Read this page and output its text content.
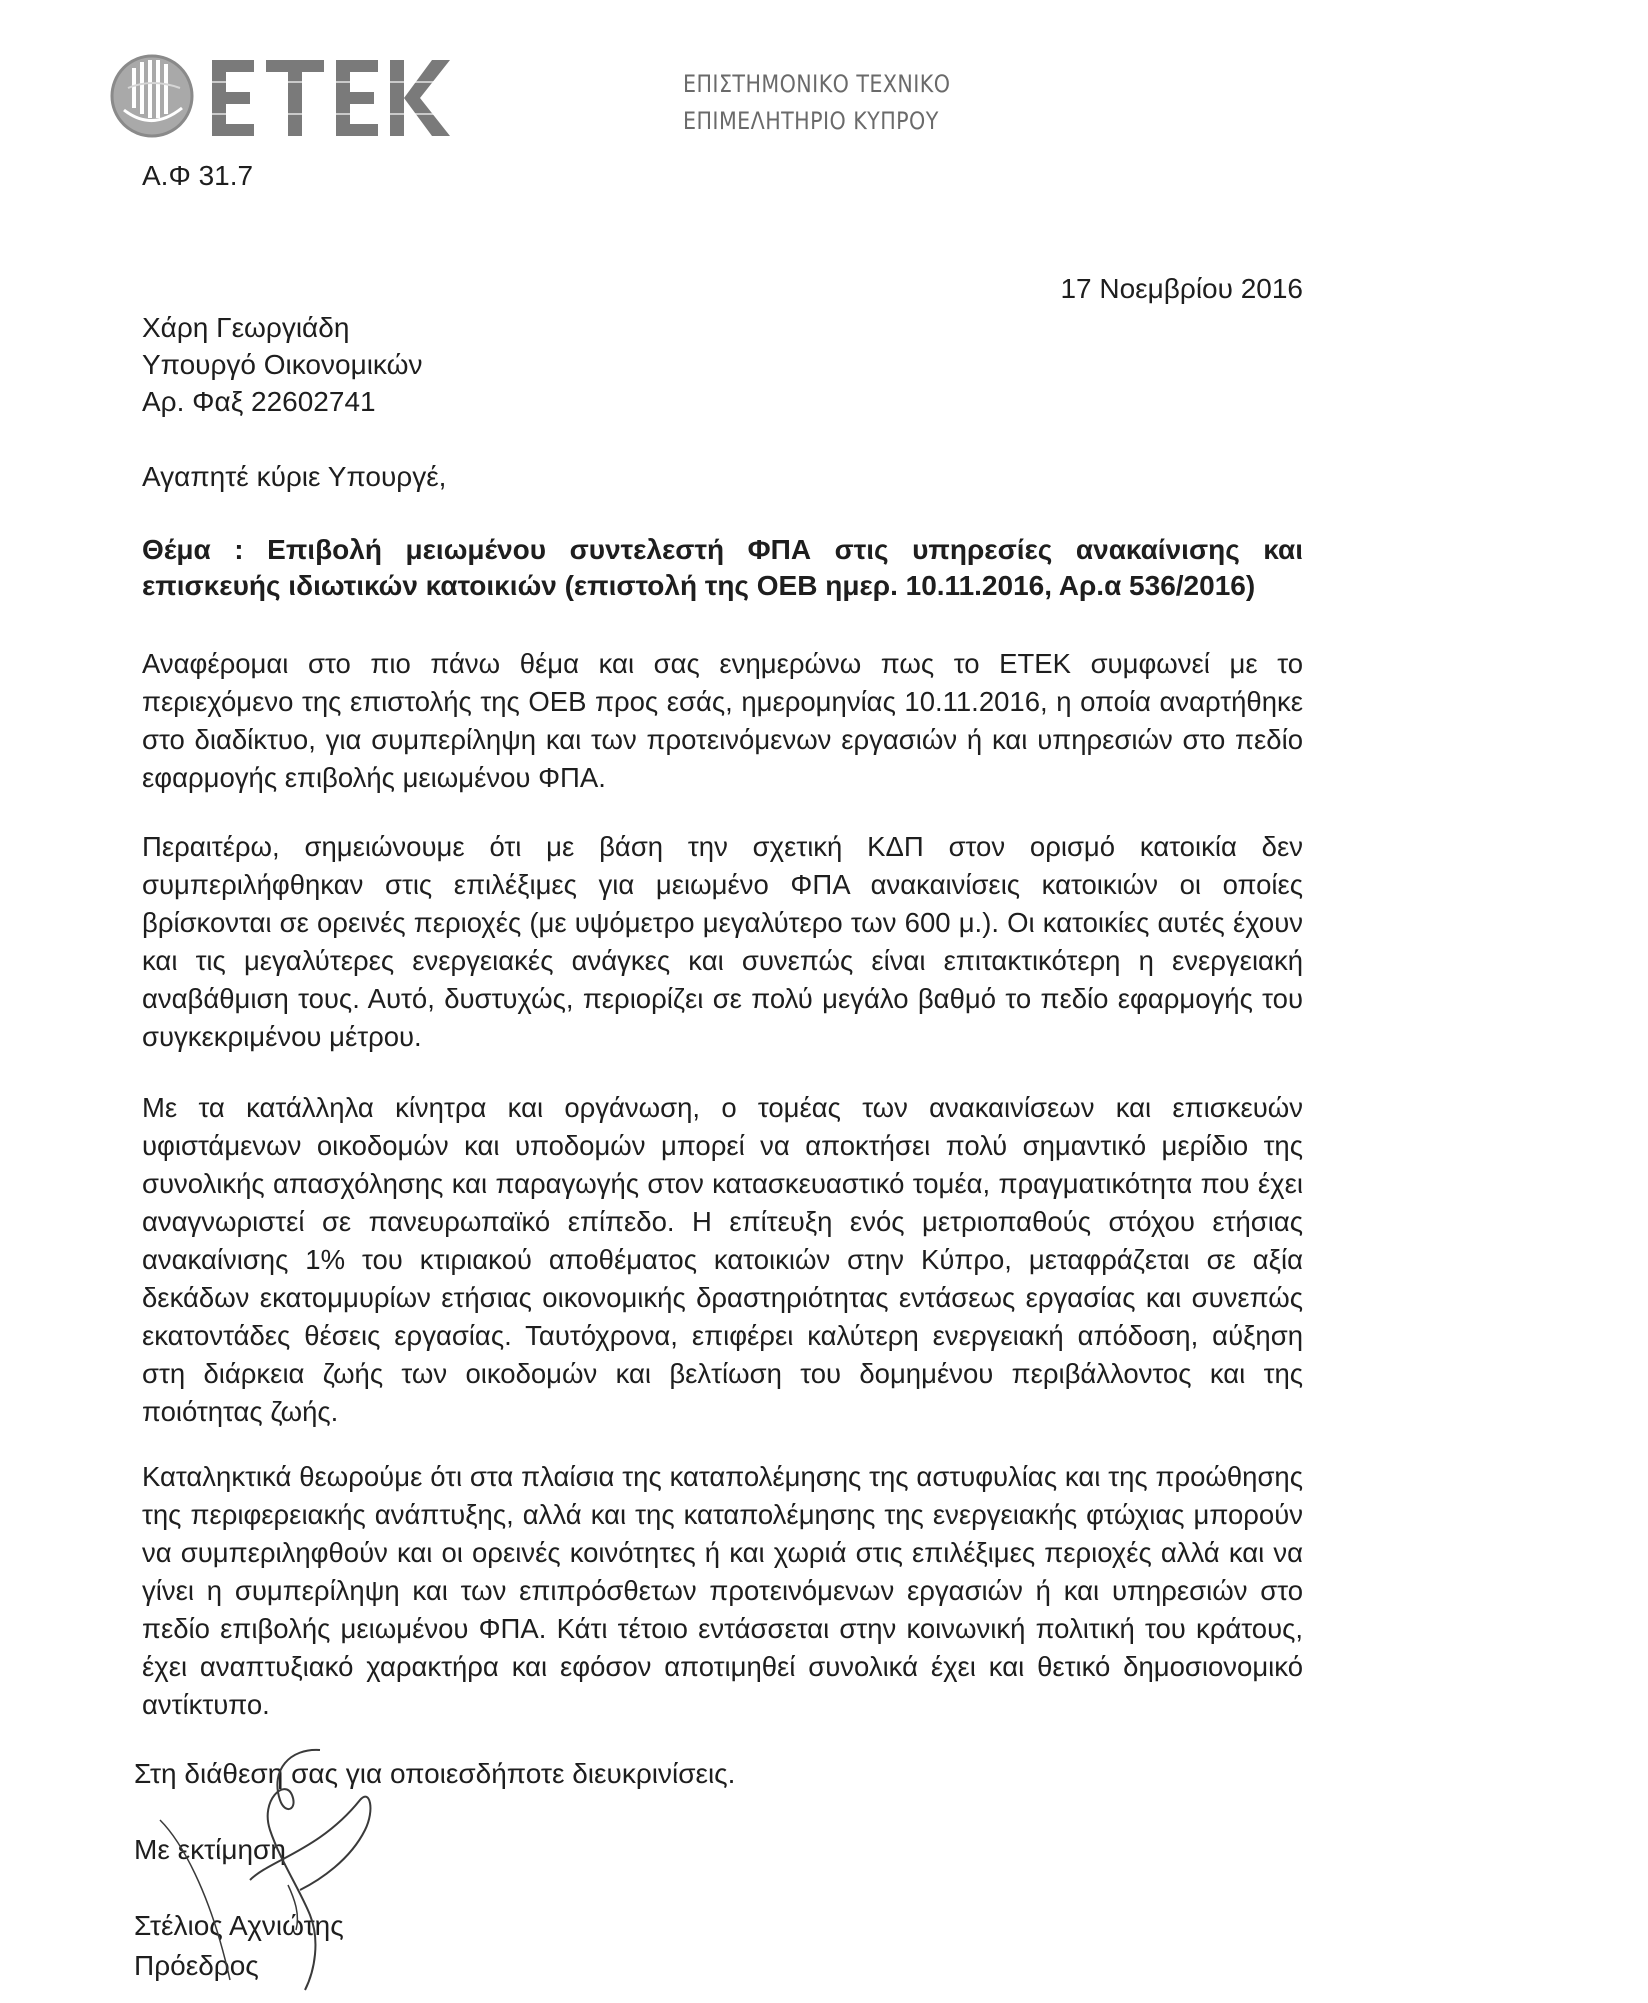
ΕΠΙΣΤΗΜΟΝΙΚΟ ΤΕΧΝΙΚΟ
ΕΠΙΜΕΛΗΤΗΡΙΟ ΚΥΠΡΟΥ
Α.Φ 31.7
17 Νοεμβρίου 2016
Χάρη Γεωργιάδη
Υπουργό Οικονομικών
Αρ. Φαξ 22602741
Αγαπητέ κύριε Υπουργέ,

Θέμα : Επιβολή μειωμένου συντελεστή ΦΠΑ στις υπηρεσίες ανακαίνισης και επισκευής ιδιωτικών κατοικιών (επιστολή της ΟΕΒ ημερ. 10.11.2016, Αρ.α 536/2016)

Αναφέρομαι στο πιο πάνω θέμα και σας ενημερώνω πως το ΕΤΕΚ συμφωνεί με το περιεχόμενο της επιστολής της ΟΕΒ προς εσάς, ημερομηνίας 10.11.2016, η οποία αναρτήθηκε στο διαδίκτυο, για συμπερίληψη και των προτεινόμενων εργασιών ή και υπηρεσιών στο πεδίο εφαρμογής επιβολής μειωμένου ΦΠΑ.

Περαιτέρω, σημειώνουμε ότι με βάση την σχετική ΚΔΠ στον ορισμό κατοικία δεν συμπεριλήφθηκαν στις επιλέξιμες για μειωμένο ΦΠΑ ανακαινίσεις κατοικιών οι οποίες βρίσκονται σε ορεινές περιοχές (με υψόμετρο μεγαλύτερο των 600 μ.). Οι κατοικίες αυτές έχουν και τις μεγαλύτερες ενεργειακές ανάγκες και συνεπώς είναι επιτακτικότερη η ενεργειακή αναβάθμιση τους. Αυτό, δυστυχώς, περιορίζει σε πολύ μεγάλο βαθμό το πεδίο εφαρμογής του συγκεκριμένου μέτρου.

Με τα κατάλληλα κίνητρα και οργάνωση, ο τομέας των ανακαινίσεων και επισκευών υφιστάμενων οικοδομών και υποδομών μπορεί να αποκτήσει πολύ σημαντικό μερίδιο της συνολικής απασχόλησης και παραγωγής στον κατασκευαστικό τομέα, πραγματικότητα που έχει αναγνωριστεί σε πανευρωπαϊκό επίπεδο. Η επίτευξη ενός μετριοπαθούς στόχου ετήσιας ανακαίνισης 1% του κτιριακού αποθέματος κατοικιών στην Κύπρο, μεταφράζεται σε αξία δεκάδων εκατομμυρίων ετήσιας οικονομικής δραστηριότητας εντάσεως εργασίας και συνεπώς εκατοντάδες θέσεις εργασίας. Ταυτόχρονα, επιφέρει καλύτερη ενεργειακή απόδοση, αύξηση στη διάρκεια ζωής των οικοδομών και βελτίωση του δομημένου περιβάλλοντος και της ποιότητας ζωής.

Καταληκτικά θεωρούμε ότι στα πλαίσια της καταπολέμησης της αστυφυλίας και της προώθησης της περιφερειακής ανάπτυξης, αλλά και της καταπολέμησης της ενεργειακής φτώχιας μπορούν να συμπεριληφθούν και οι ορεινές κοινότητες ή και χωριά στις επιλέξιμες περιοχές αλλά και να γίνει η συμπερίληψη και των επιπρόσθετων προτεινόμενων εργασιών ή και υπηρεσιών στο πεδίο επιβολής μειωμένου ΦΠΑ. Κάτι τέτοιο εντάσσεται στην κοινωνική πολιτική του κράτους, έχει αναπτυξιακό χαρακτήρα και εφόσον αποτιμηθεί συνολικά έχει και θετικό δημοσιονομικό αντίκτυπο.

Στη διάθεση σας για οποιεσδήποτε διευκρινίσεις.
Με εκτίμηση
Στέλιος Αχνιώτης
Πρόεδρος
